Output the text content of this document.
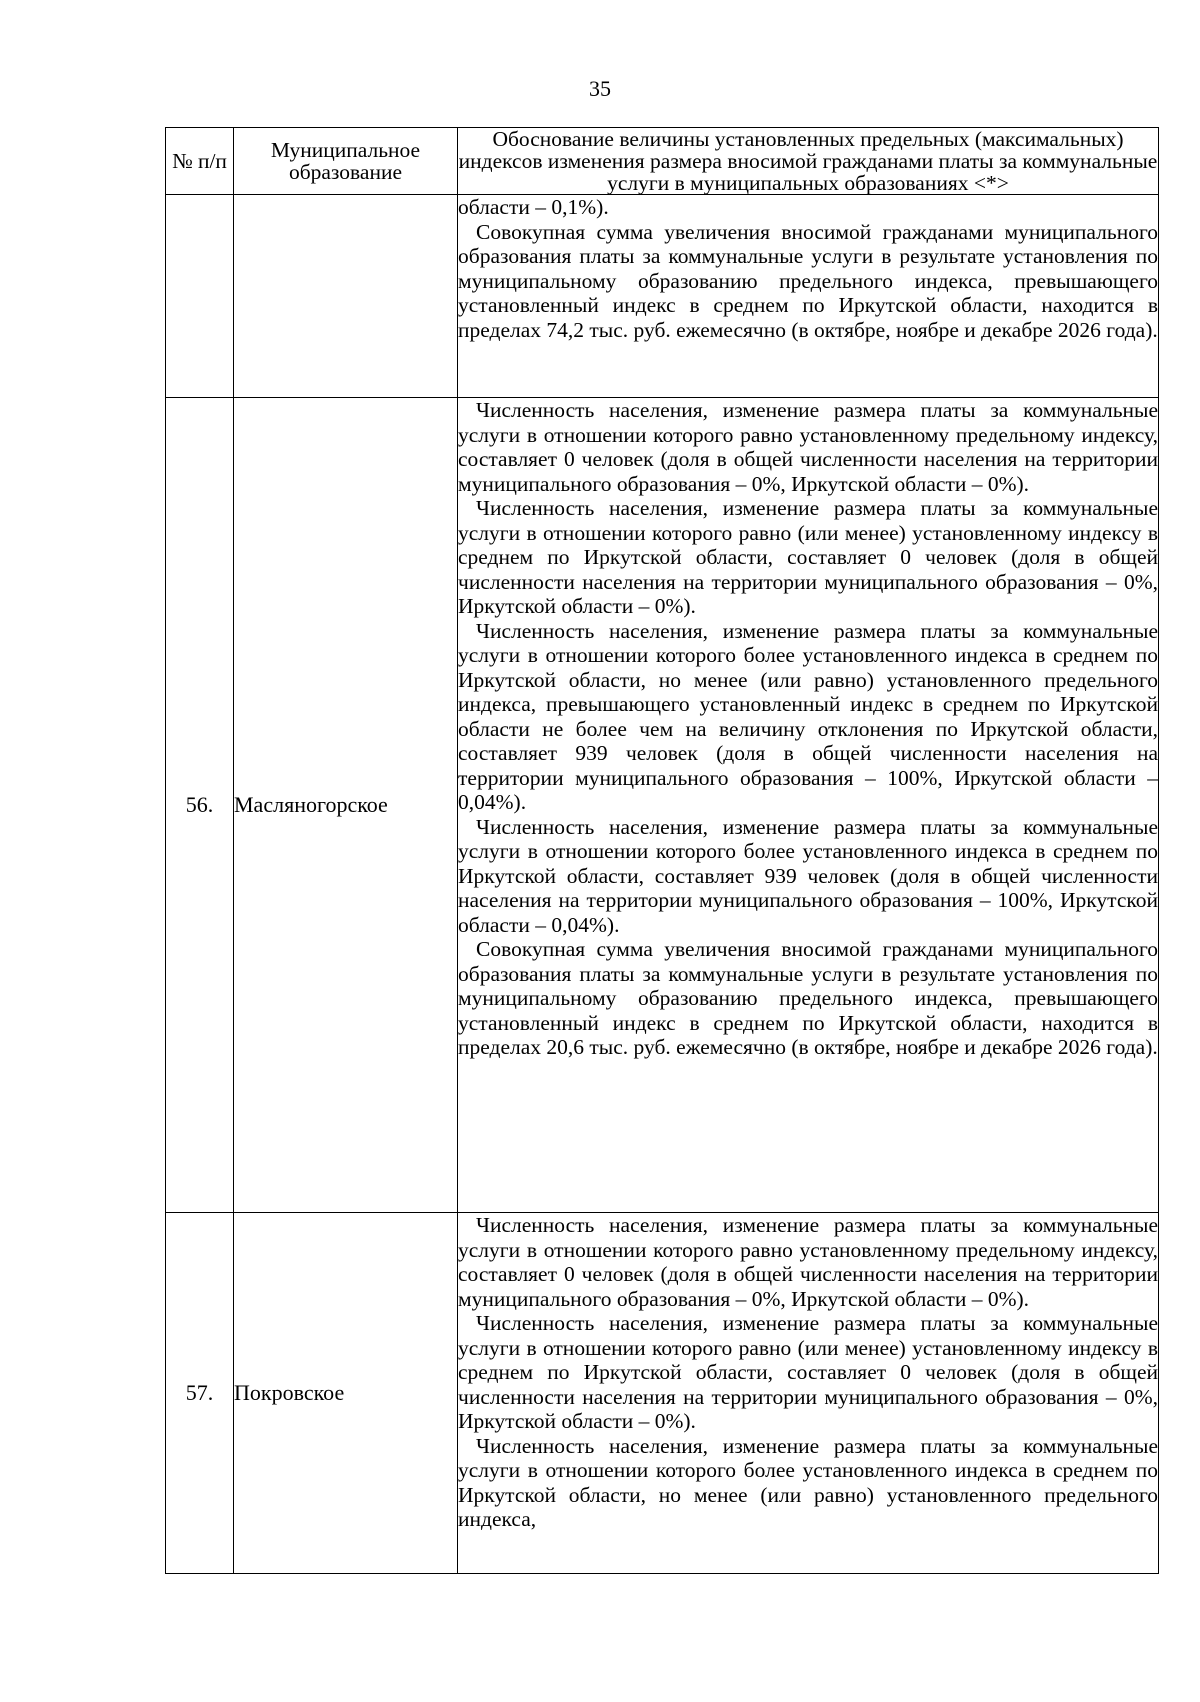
35
№ п/п	Муниципальное образование	Обоснование величины установленных предельных (максимальных) индексов изменения размера вносимой гражданами платы за коммунальные услуги в муниципальных образованиях <*>

		области – 0,1%).

Совокупная сумма увеличения вносимой гражданами муниципального образования платы за коммунальные услуги в результате установления по муниципальному образованию предельного индекса, превышающего установленный индекс в среднем по Иркутской области, находится в пределах 74,2 тыс. руб. ежемесячно (в октябре, ноябре и декабре 2026 года).

56.	Масляногорское	Численность населения, изменение размера платы за коммунальные услуги в отношении которого равно установленному предельному индексу, составляет 0 человек (доля в общей численности населения на территории муниципального образования – 0%, Иркутской области – 0%).

Численность населения, изменение размера платы за коммунальные услуги в отношении которого равно (или менее) установленному индексу в среднем по Иркутской области, составляет 0 человек (доля в общей численности населения на территории муниципального образования – 0%, Иркутской области – 0%).

Численность населения, изменение размера платы за коммунальные услуги в отношении которого более установленного индекса в среднем по Иркутской области, но менее (или равно) установленного предельного индекса, превышающего установленный индекс в среднем по Иркутской области не более чем на величину отклонения по Иркутской области, составляет 939 человек (доля в общей численности населения на территории муниципального образования – 100%, Иркутской области – 0,04%).

Численность населения, изменение размера платы за коммунальные услуги в отношении которого более установленного индекса в среднем по Иркутской области, составляет 939 человек (доля в общей численности населения на территории муниципального образования – 100%, Иркутской области – 0,04%).

Совокупная сумма увеличения вносимой гражданами муниципального образования платы за коммунальные услуги в результате установления по муниципальному образованию предельного индекса, превышающего установленный индекс в среднем по Иркутской области, находится в пределах 20,6 тыс. руб. ежемесячно (в октябре, ноябре и декабре 2026 года).

57.	Покровское	Численность населения, изменение размера платы за коммунальные услуги в отношении которого равно установленному предельному индексу, составляет 0 человек (доля в общей численности населения на территории муниципального образования – 0%, Иркутской области – 0%).

Численность населения, изменение размера платы за коммунальные услуги в отношении которого равно (или менее) установленному индексу в среднем по Иркутской области, составляет 0 человек (доля в общей численности населения на территории муниципального образования – 0%, Иркутской области – 0%).

Численность населения, изменение размера платы за коммунальные услуги в отношении которого более установленного индекса в среднем по Иркутской области, но менее (или равно) установленного предельного индекса,
